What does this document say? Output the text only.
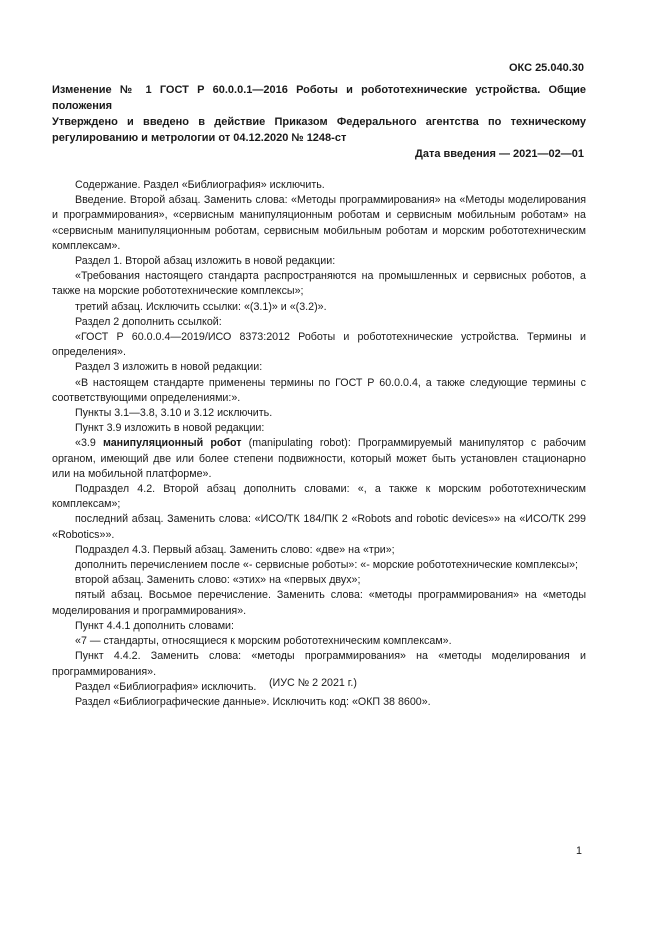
ОКС 25.040.30
Изменение № 1 ГОСТ Р 60.0.0.1—2016 Роботы и робототехнические устройства. Общие положения
Утверждено и введено в действие Приказом Федерального агентства по техническому регулированию и метрологии от 04.12.2020 № 1248-ст
Дата введения — 2021—02—01

Содержание. Раздел «Библиография» исключить.

Введение. Второй абзац. Заменить слова: «Методы программирования» на «Методы моделирования и программирования», «сервисным манипуляционным роботам и сервисным мобильным роботам» на «сервисным манипуляционным роботам, сервисным мобильным роботам и морским робототехническим комплексам».

Раздел 1. Второй абзац изложить в новой редакции:

«Требования настоящего стандарта распространяются на промышленных и сервисных роботов, а также на морские робототехнические комплексы»;

третий абзац. Исключить ссылки: «(3.1)» и «(3.2)».

Раздел 2 дополнить ссылкой:

«ГОСТ Р 60.0.0.4—2019/ИСО 8373:2012 Роботы и робототехнические устройства. Термины и определения».

Раздел 3 изложить в новой редакции:

«В настоящем стандарте применены термины по ГОСТ Р 60.0.0.4, а также следующие термины с соответствующими определениями:».

Пункты 3.1—3.8, 3.10 и 3.12 исключить.

Пункт 3.9 изложить в новой редакции:

«3.9 манипуляционный робот (manipulating robot): Программируемый манипулятор с рабочим органом, имеющий две или более степени подвижности, который может быть установлен стационарно или на мобильной платформе».

Подраздел 4.2. Второй абзац дополнить словами: «, а также к морским робототехническим комплексам»;

последний абзац. Заменить слова: «ИСО/ТК 184/ПК 2 «Robots and robotic devices»» на «ИСО/ТК 299 «Robotics»».

Подраздел 4.3. Первый абзац. Заменить слово: «две» на «три»;

дополнить перечислением после «- сервисные роботы»: «- морские робототехнические комплексы»;

второй абзац. Заменить слово: «этих» на «первых двух»;

пятый абзац. Восьмое перечисление. Заменить слова: «методы программирования» на «методы моделирования и программирования».

Пункт 4.4.1 дополнить словами:

«7 — стандарты, относящиеся к морским робототехническим комплексам».

Пункт 4.4.2. Заменить слова: «методы программирования» на «методы моделирования и программирования».

Раздел «Библиография» исключить.

Раздел «Библиографические данные». Исключить код: «ОКП 38 8600».

(ИУС № 2 2021 г.)
1
